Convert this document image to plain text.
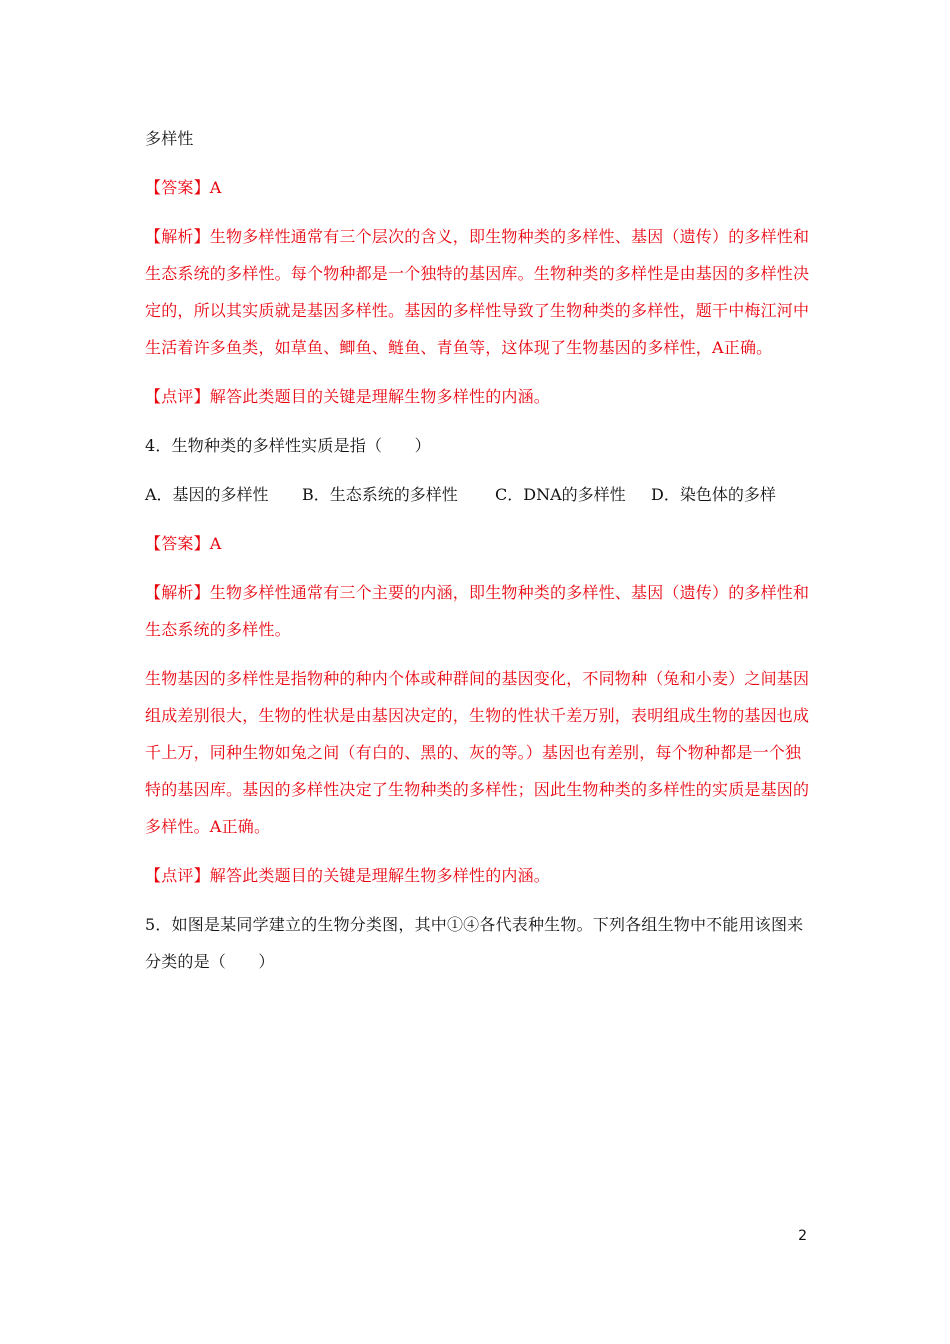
多样性

【答案】A

【解析】生物多样性通常有三个层次的含义，即生物种类的多样性、基因（遗传）的多样性和生态系统的多样性。每个物种都是一个独特的基因库。生物种类的多样性是由基因的多样性决定的，所以其实质就是基因多样性。基因的多样性导致了生物种类的多样性，题干中梅江河中生活着许多鱼类，如草鱼、鲫鱼、鲢鱼、青鱼等，这体现了生物基因的多样性，A正确。

【点评】解答此类题目的关键是理解生物多样性的内涵。

4．生物种类的多样性实质是指（　　）

A．基因的多样性	B．生态系统的多样性	C．DNA的多样性	D．染色体的多样

【答案】A

【解析】生物多样性通常有三个主要的内涵，即生物种类的多样性、基因（遗传）的多样性和生态系统的多样性。

生物基因的多样性是指物种的种内个体或种群间的基因变化，不同物种（兔和小麦）之间基因组成差别很大，生物的性状是由基因决定的，生物的性状千差万别，表明组成生物的基因也成千上万，同种生物如兔之间（有白的、黑的、灰的等。）基因也有差别，每个物种都是一个独特的基因库。基因的多样性决定了生物种类的多样性；因此生物种类的多样性的实质是基因的多样性。A正确。

【点评】解答此类题目的关键是理解生物多样性的内涵。

5．如图是某同学建立的生物分类图，其中①④各代表种生物。下列各组生物中不能用该图来分类的是（　　）

2
